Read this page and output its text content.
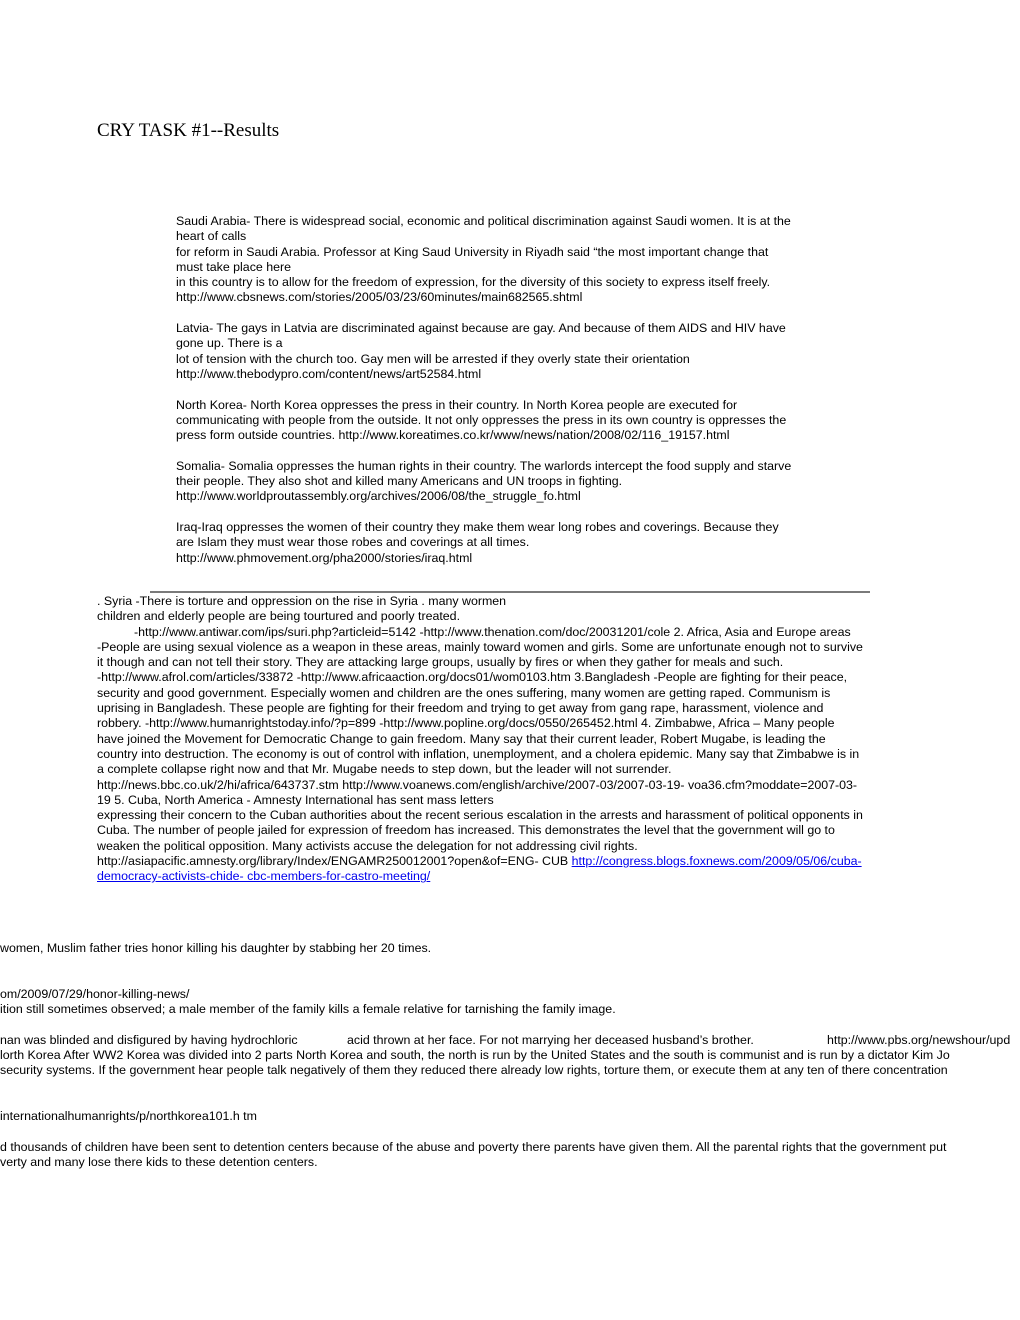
CRY TASK #1--Results
Saudi Arabia- There is widespread social, economic and political discrimination against Saudi women. It is at the
heart of calls
for reform in Saudi Arabia. Professor at King Saud University in Riyadh said “the most important change that
must take place here
in this country is to allow for the freedom of expression, for the diversity of this society to express itself freely.
http://www.cbsnews.com/stories/2005/03/23/60minutes/main682565.shtml
Latvia- The gays in Latvia are discriminated against because are gay. And because of them AIDS and HIV have
gone up. There is a
lot of tension with the church too. Gay men will be arrested if they overly state their orientation
http://www.thebodypro.com/content/news/art52584.html
North Korea- North Korea oppresses the press in their country. In North Korea people are executed for
communicating with people from the outside. It not only oppresses the press in its own country is oppresses the
press form outside countries. http://www.koreatimes.co.kr/www/news/nation/2008/02/116_19157.html
Somalia- Somalia oppresses the human rights in their country. The warlords intercept the food supply and starve
their people. They also shot and killed many Americans and UN troops in fighting.
http://www.worldproutassembly.org/archives/2006/08/the_struggle_fo.html
Iraq-Iraq oppresses the women of their country they make them wear long robes and coverings. Because they
are Islam they must wear those robes and coverings at all times.
http://www.phmovement.org/pha2000/stories/iraq.html
. Syria -There is torture and oppression on the rise in Syria . many wormen
children and elderly people are being tourtured and poorly treated.
-http://www.antiwar.com/ips/suri.php?articleid=5142 -http://www.thenation.com/doc/20031201/cole 2. Africa, Asia and Europe areas
-People are using sexual violence as a weapon in these areas, mainly toward women and girls. Some are unfortunate enough not to survive
it though and can not tell their story. They are attacking large groups, usually by fires or when they gather for meals and such.
-http://www.afrol.com/articles/33872 -http://www.africaaction.org/docs01/wom0103.htm 3.Bangladesh -People are fighting for their peace,
security and good government. Especially women and children are the ones suffering, many women are getting raped. Communism is
uprising in Bangladesh. These people are fighting for their freedom and trying to get away from gang rape, harassment, violence and
robbery. -http://www.humanrightstoday.info/?p=899 -http://www.popline.org/docs/0550/265452.html 4. Zimbabwe, Africa – Many people
have joined the Movement for Democratic Change to gain freedom. Many say that their current leader, Robert Mugabe, is leading the
country into destruction. The economy is out of control with inflation, unemployment, and a cholera epidemic. Many say that Zimbabwe is in
a complete collapse right now and that Mr. Mugabe needs to step down, but the leader will not surrender.
http://news.bbc.co.uk/2/hi/africa/643737.stm http://www.voanews.com/english/archive/2007-03/2007-03-19- voa36.cfm?moddate=2007-03-
19 5. Cuba, North America - Amnesty International has sent mass letters
expressing their concern to the Cuban authorities about the recent serious escalation in the arrests and harassment of political opponents in
Cuba. The number of people jailed for expression of freedom has increased. This demonstrates the level that the government will go to
weaken the political opposition. Many activists accuse the delegation for not addressing civil rights.
http://asiapacific.amnesty.org/library/Index/ENGAMR250012001?open&of=ENG- CUB http://congress.blogs.foxnews.com/2009/05/06/cuba-
democracy-activists-chide- cbc-members-for-castro-meeting/
women, Muslim father tries honor killing his daughter by stabbing her 20 times.
om/2009/07/29/honor-killing-news/
ition still sometimes observed; a male member of the family kills a female relative for tarnishing the family image.
nan was blinded and disfigured by having hydrochloric	acid thrown at her face. For not marrying her deceased husband’s brother.	http://www.pbs.org/newshour/upd
lorth Korea After WW2 Korea was divided into 2 parts North Korea and south, the north is run by the United States and the south is communist and is run by a dictator Kim Jo
security systems. If the government hear people talk negatively of them they reduced there already low rights, torture them, or execute them at any ten of there concentration
internationalhumanrights/p/northkorea101.h tm
d thousands of children have been sent to detention centers because of the abuse and poverty there parents have given them. All the parental rights that the government put
verty and many lose there kids to these detention centers.
